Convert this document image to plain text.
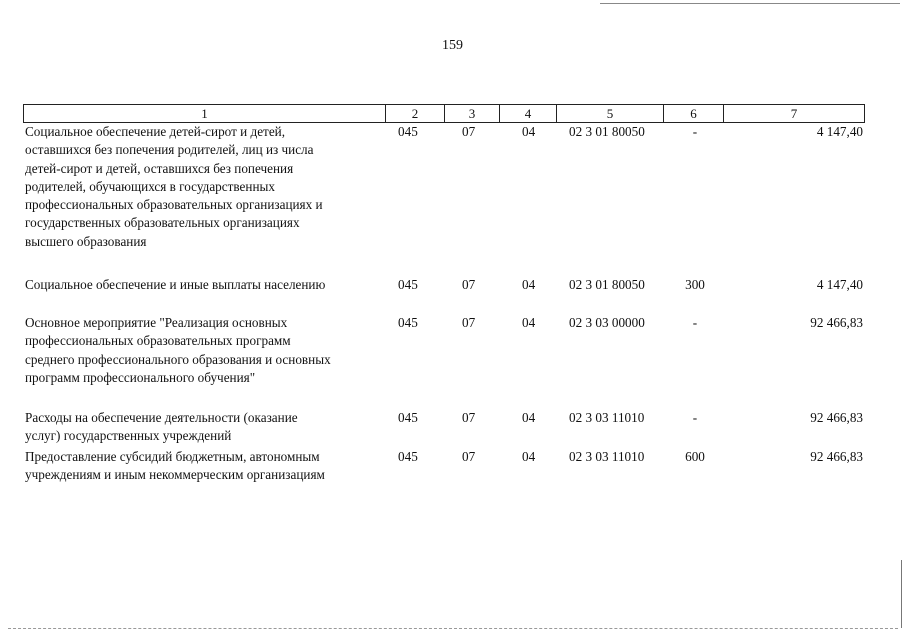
159
1	2	3	4	5	6	7
Социальное обеспечение детей-сирот и детей,
оставшихся без попечения родителей, лиц из числа
детей-сирот и детей, оставшихся без попечения
родителей, обучающихся в государственных
профессиональных образовательных организациях и
государственных образовательных организациях
высшего образования
045	07	04	02 3 01 80050	-	4 147,40
Социальное обеспечение и иные выплаты населению	045	07	04	02 3 01 80050	300	4 147,40
Основное мероприятие "Реализация основных
профессиональных образовательных программ
среднего профессионального образования и основных
программ профессионального обучения"
045	07	04	02 3 03 00000	-	92 466,83
Расходы на обеспечение деятельности (оказание
услуг) государственных учреждений
045	07	04	02 3 03 11010	-	92 466,83
Предоставление субсидий бюджетным, автономным
учреждениям и иным некоммерческим организациям
045	07	04	02 3 03 11010	600	92 466,83
